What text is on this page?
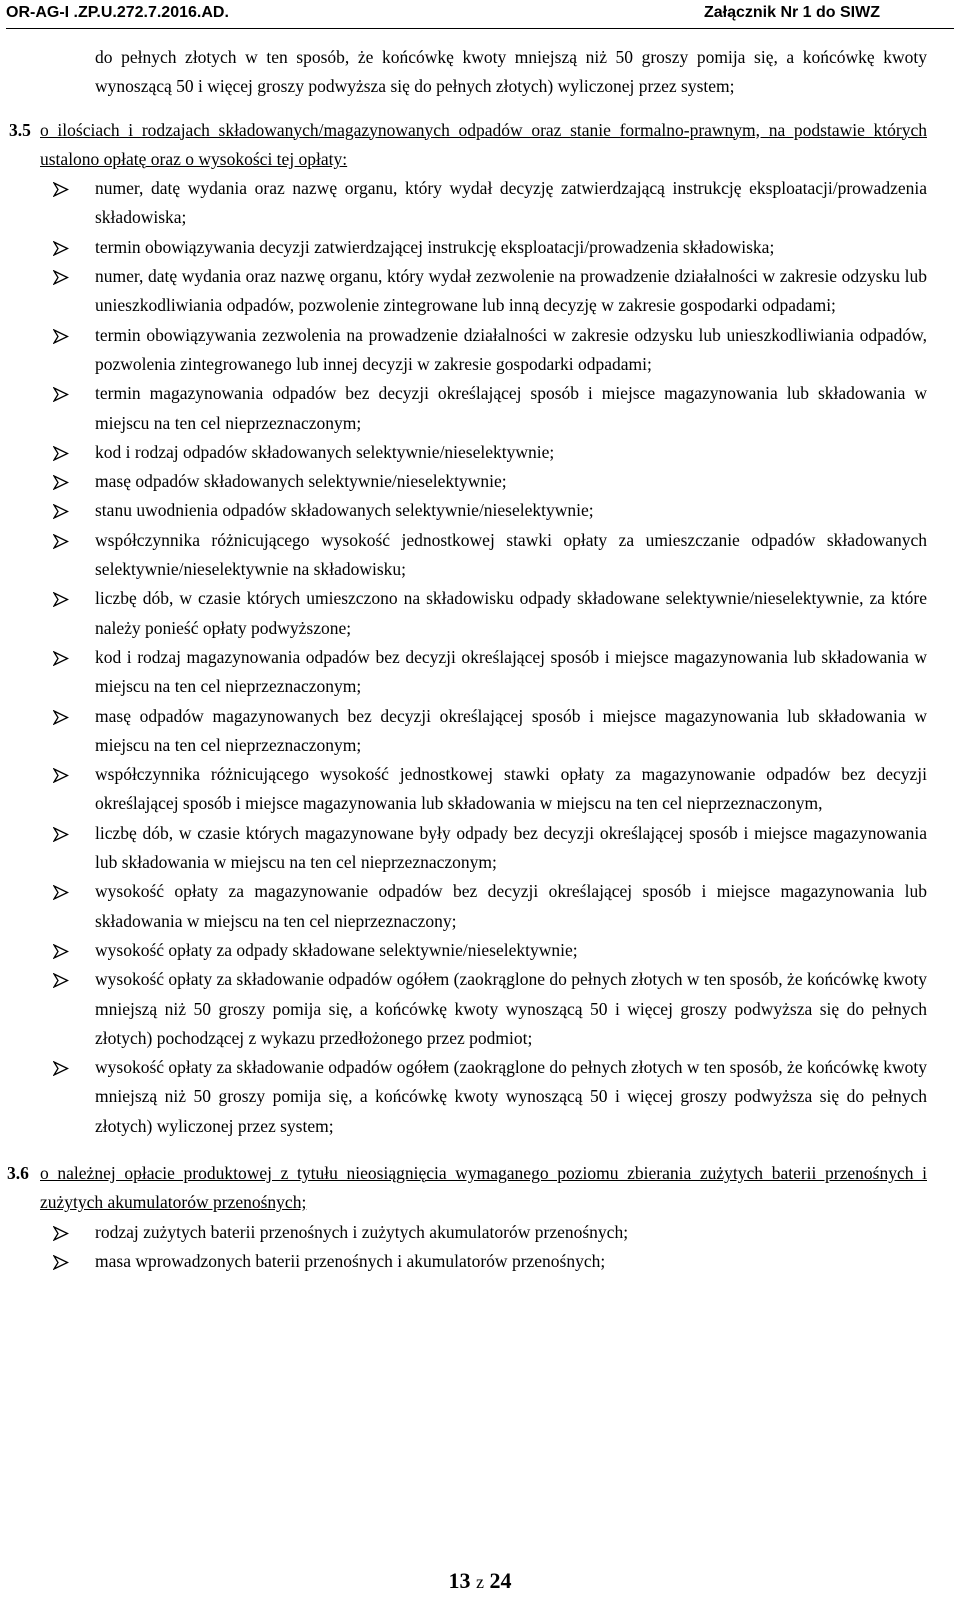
OR-AG-I .ZP.U.272.7.2016.AD.	Załącznik Nr 1 do SIWZ
do pełnych złotych w ten sposób, że końcówkę kwoty mniejszą niż 50 groszy pomija się, a końcówkę kwoty wynoszącą 50 i więcej groszy podwyższa się do pełnych złotych) wyliczonej przez system;
3.5 o ilościach i rodzajach składowanych/magazynowanych odpadów oraz stanie formalno-prawnym, na podstawie których ustalono opłatę oraz o wysokości tej opłaty:
numer, datę wydania oraz nazwę organu, który wydał decyzję zatwierdzającą instrukcję eksploatacji/prowadzenia składowiska;
termin obowiązywania decyzji zatwierdzającej instrukcję eksploatacji/prowadzenia składowiska;
numer, datę wydania oraz nazwę organu, który wydał zezwolenie na prowadzenie działalności w zakresie odzysku lub unieszkodliwiania odpadów, pozwolenie zintegrowane lub inną decyzję w zakresie gospodarki odpadami;
termin obowiązywania zezwolenia na prowadzenie działalności w zakresie odzysku lub unieszkodliwiania odpadów, pozwolenia zintegrowanego lub innej decyzji w zakresie gospodarki odpadami;
termin magazynowania odpadów bez decyzji określającej sposób i miejsce magazynowania lub składowania w miejscu na ten cel nieprzeznaczonym;
kod i rodzaj odpadów składowanych selektywnie/nieselektywnie;
masę odpadów składowanych selektywnie/nieselektywnie;
stanu uwodnienia odpadów składowanych selektywnie/nieselektywnie;
współczynnika różnicującego wysokość jednostkowej stawki opłaty za umieszczanie odpadów składowanych selektywnie/nieselektywnie na składowisku;
liczbę dób, w czasie których umieszczono na składowisku odpady składowane selektywnie/nieselektywnie, za które należy ponieść opłaty podwyższone;
kod i rodzaj magazynowania odpadów bez decyzji określającej sposób i miejsce magazynowania lub składowania w miejscu na ten cel nieprzeznaczonym;
masę odpadów magazynowanych bez decyzji określającej sposób i miejsce magazynowania lub składowania w miejscu na ten cel nieprzeznaczonym;
współczynnika różnicującego wysokość jednostkowej stawki opłaty za magazynowanie odpadów bez decyzji określającej sposób i miejsce magazynowania lub składowania w miejscu na ten cel nieprzeznaczonym,
liczbę dób, w czasie których magazynowane były odpady bez decyzji określającej sposób i miejsce magazynowania lub składowania w miejscu na ten cel nieprzeznaczonym;
wysokość opłaty za magazynowanie odpadów bez decyzji określającej sposób i miejsce magazynowania lub składowania w miejscu na ten cel nieprzeznaczony;
wysokość opłaty za odpady składowane selektywnie/nieselektywnie;
wysokość opłaty za składowanie odpadów ogółem (zaokrąglone do pełnych złotych w ten sposób, że końcówkę kwoty mniejszą niż 50 groszy pomija się, a końcówkę kwoty wynoszącą 50 i więcej groszy podwyższa się do pełnych złotych) pochodzącej z wykazu przedłożonego przez podmiot;
wysokość opłaty za składowanie odpadów ogółem (zaokrąglone do pełnych złotych w ten sposób, że końcówkę kwoty mniejszą niż 50 groszy pomija się, a końcówkę kwoty wynoszącą 50 i więcej groszy podwyższa się do pełnych złotych) wyliczonej przez system;
3.6 o należnej opłacie produktowej z tytułu nieosiągnięcia wymaganego poziomu zbierania zużytych baterii przenośnych i zużytych akumulatorów przenośnych;
rodzaj zużytych baterii przenośnych i zużytych akumulatorów przenośnych;
masa wprowadzonych baterii przenośnych i akumulatorów przenośnych;
13 z 24
